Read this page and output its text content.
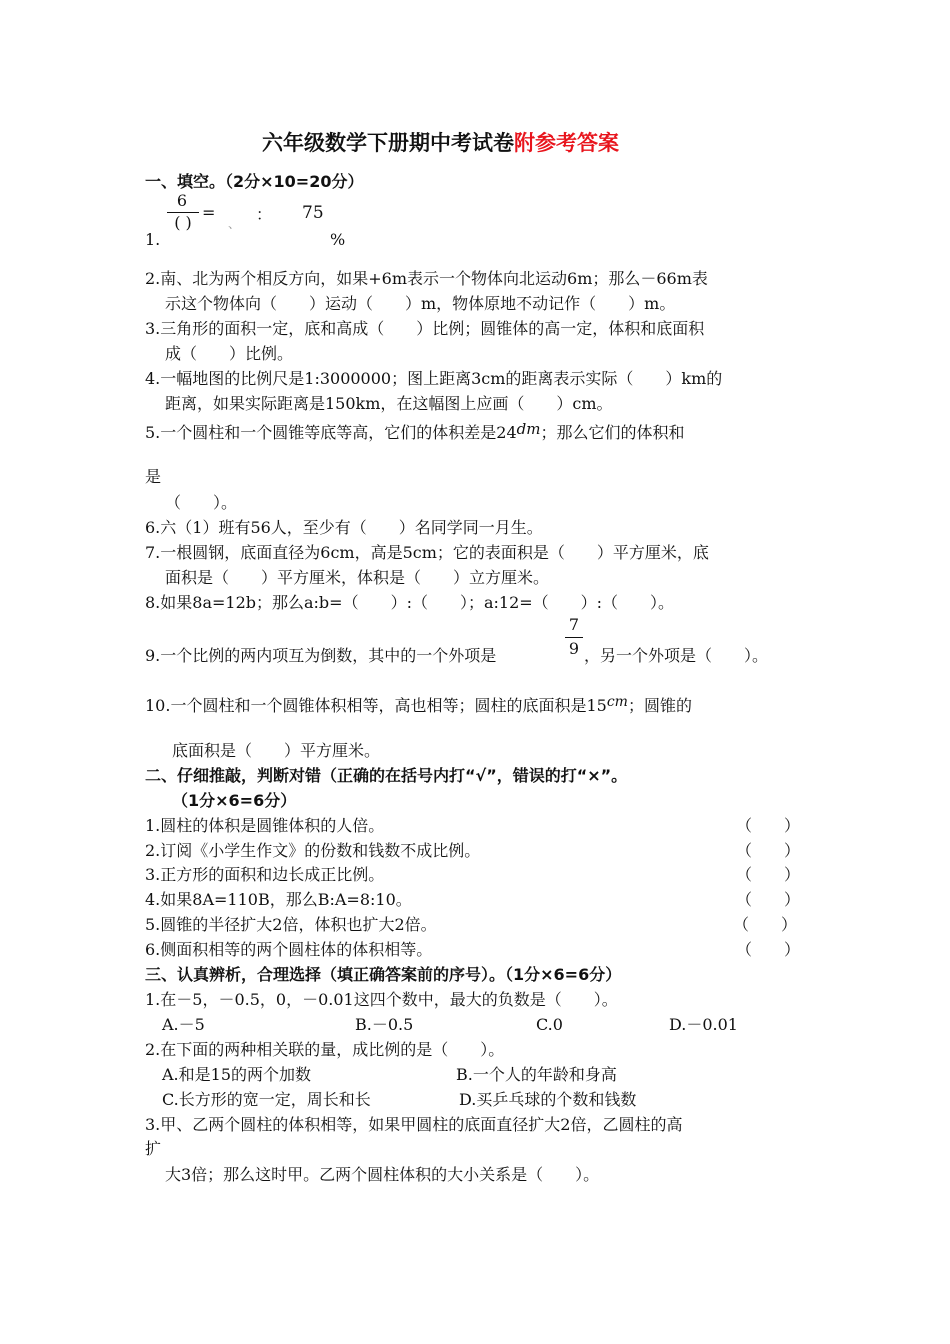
六年级数学下册期中考试卷附参考答案
一、填空。（2分×10=20分）
6
( )
=
、 ： 75
1.	%
2.南、北为两个相反方向，如果+6m表示一个物体向北运动6m；那么－66m表
示这个物体向（　　）运动（　　）m，物体原地不动记作（　　）m。
3.三角形的面积一定，底和高成（　　）比例；圆锥体的高一定，体积和底面积
成（　　）比例。
4.一幅地图的比例尺是1:3000000；图上距离3cm的距离表示实际（　　）km的
距离，如果实际距离是150km，在这幅图上应画（　　）cm。
5.一个圆柱和一个圆锥等底等高，它们的体积差是24dm；那么它们的体积和
是
（　　）。
6.六（1）班有56人，至少有（　　）名同学同一月生。
7.一根圆钢，底面直径为6cm，高是5cm；它的表面积是（　　）平方厘米，底
面积是（　　）平方厘米，体积是（　　）立方厘米。
8.如果8a=12b；那么a:b=（　　）:（　　）；a:12=（　　）:（　　）。
9.一个比例的两内项互为倒数，其中的一个外项是
7
9 ，另一个外项是（　　）。
10.一个圆柱和一个圆锥体积相等，高也相等；圆柱的底面积是15cm；圆锥的
底面积是（　　）平方厘米。
二、仔细推敲，判断对错（正确的在括号内打“√”，错误的打“×”。
（1分×6=6分）
1.圆柱的体积是圆锥体积的人倍。	（　　）
2.订阅《小学生作文》的份数和钱数不成比例。	（　　）
3.正方形的面积和边长成正比例。	（　　）
4.如果8A=110B，那么B:A=8:10。	（　　）
5.圆锥的半径扩大2倍，体积也扩大2倍。	（　　）
6.侧面积相等的两个圆柱体的体积相等。	（　　）
三、认真辨析，合理选择（填正确答案前的序号）。（1分×6=6分）
1.在－5，－0.5，0，－0.01这四个数中，最大的负数是（　　）。
A.－5	B.－0.5	C.0	D.－0.01
2.在下面的两种相关联的量，成比例的是（　　）。
A.和是15的两个加数	B.一个人的年龄和身高
C.长方形的宽一定，周长和长	D.买乒乓球的个数和钱数
3.甲、乙两个圆柱的体积相等，如果甲圆柱的底面直径扩大2倍，乙圆柱的高
扩
大3倍；那么这时甲。乙两个圆柱体积的大小关系是（　　）。
